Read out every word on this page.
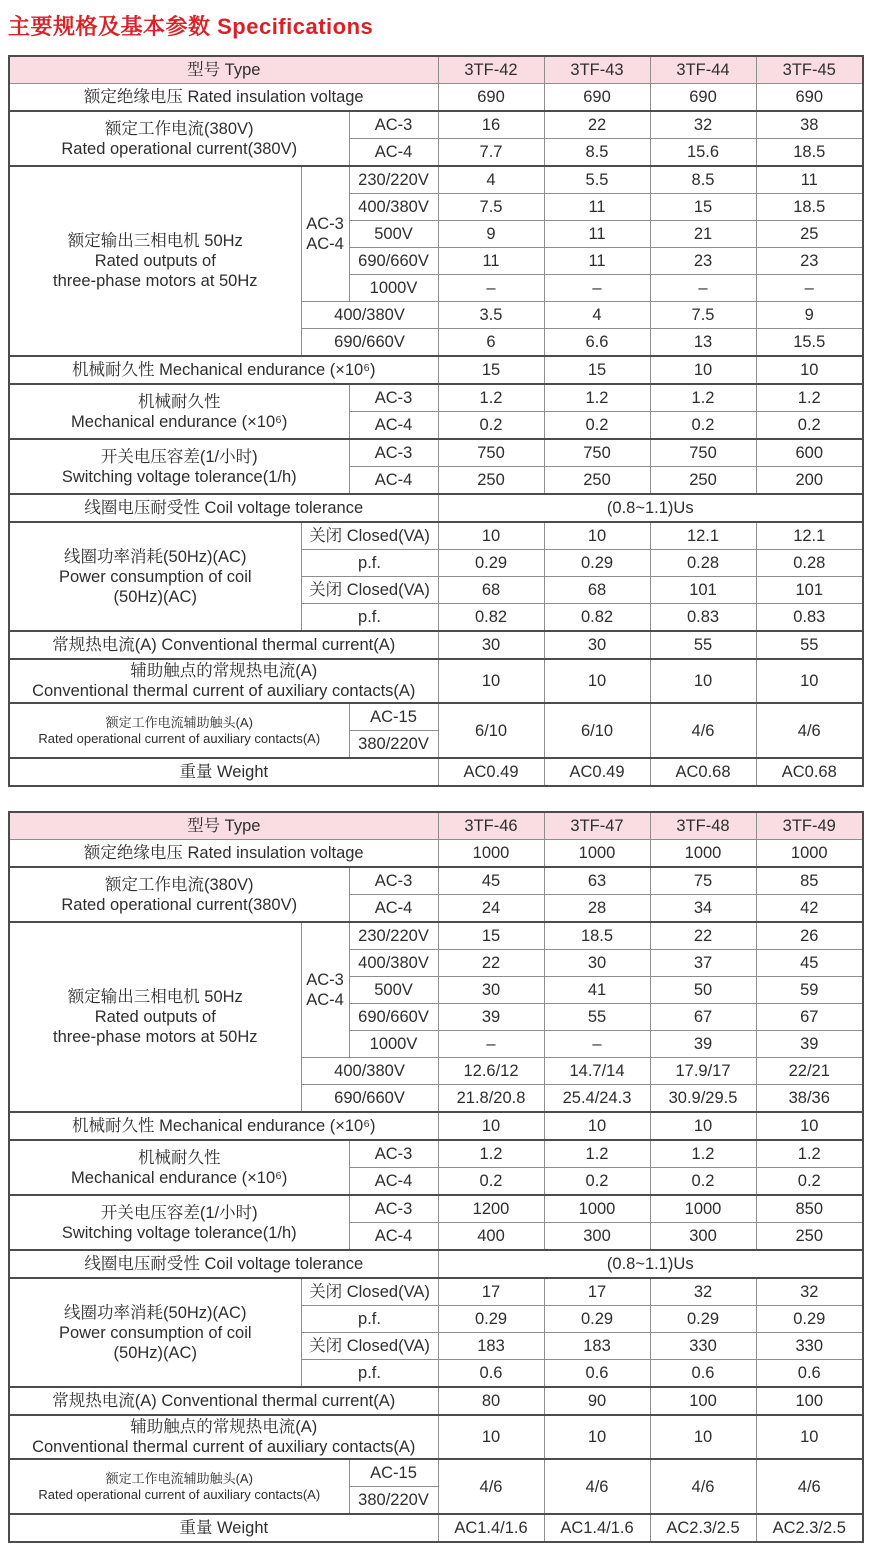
主要规格及基本参数 Specifications
型号 Type			3TF-42	3TF-43	3TF-44	3TF-45
额定绝缘电压 Rated insulation voltage			690	690	690	690
额定工作电流(380V)
Rated operational current(380V)		AC-3	16	22	32	38
		AC-4	7.7	8.5	15.6	18.5
额定输出三相电机 50Hz
Rated outputs of
three-phase motors at 50Hz	AC-3
AC-4	230/220V	4	5.5	8.5	11
		400/380V	7.5	11	15	18.5
		500V	9	11	21	25
		690/660V	11	11	23	23
		1000V	–	–	–	–
	400/380V		3.5	4	7.5	9
	690/660V		6	6.6	13	15.5
机械耐久性 Mechanical endurance (×10⁶)			15	15	10	10
机械耐久性
Mechanical endurance (×10⁶)		AC-3	1.2	1.2	1.2	1.2
		AC-4	0.2	0.2	0.2	0.2
开关电压容差(1/小时)
Switching voltage tolerance(1/h)		AC-3	750	750	750	600
		AC-4	250	250	250	200
线圈电压耐受性 Coil voltage tolerance			(0.8~1.1)Us			
线圈功率消耗(50Hz)(AC)
Power consumption of coil
(50Hz)(AC)	关闭 Closed(VA)		10	10	12.1	12.1
	p.f.		0.29	0.29	0.28	0.28
	关闭 Closed(VA)		68	68	101	101
	p.f.		0.82	0.82	0.83	0.83
常规热电流(A) Conventional thermal current(A)			30	30	55	55
辅助触点的常规热电流(A)
Conventional thermal current of auxiliary contacts(A)			10	10	10	10
额定工作电流辅助触头(A)
Rated operational current of auxiliary contacts(A)		AC-15	6/10	6/10	4/6	4/6
		380/220V				
重量 Weight			AC0.49	AC0.49	AC0.68	AC0.68
型号 Type			3TF-46	3TF-47	3TF-48	3TF-49
额定绝缘电压 Rated insulation voltage			1000	1000	1000	1000
额定工作电流(380V)
Rated operational current(380V)		AC-3	45	63	75	85
		AC-4	24	28	34	42
额定输出三相电机 50Hz
Rated outputs of
three-phase motors at 50Hz	AC-3
AC-4	230/220V	15	18.5	22	26
		400/380V	22	30	37	45
		500V	30	41	50	59
		690/660V	39	55	67	67
		1000V	–	–	39	39
	400/380V		12.6/12	14.7/14	17.9/17	22/21
	690/660V		21.8/20.8	25.4/24.3	30.9/29.5	38/36
机械耐久性 Mechanical endurance (×10⁶)			10	10	10	10
机械耐久性
Mechanical endurance (×10⁶)		AC-3	1.2	1.2	1.2	1.2
		AC-4	0.2	0.2	0.2	0.2
开关电压容差(1/小时)
Switching voltage tolerance(1/h)		AC-3	1200	1000	1000	850
		AC-4	400	300	300	250
线圈电压耐受性 Coil voltage tolerance			(0.8~1.1)Us			
线圈功率消耗(50Hz)(AC)
Power consumption of coil
(50Hz)(AC)	关闭 Closed(VA)		17	17	32	32
	p.f.		0.29	0.29	0.29	0.29
	关闭 Closed(VA)		183	183	330	330
	p.f.		0.6	0.6	0.6	0.6
常规热电流(A) Conventional thermal current(A)			80	90	100	100
辅助触点的常规热电流(A)
Conventional thermal current of auxiliary contacts(A)			10	10	10	10
额定工作电流辅助触头(A)
Rated operational current of auxiliary contacts(A)		AC-15	4/6	4/6	4/6	4/6
		380/220V				
重量 Weight			AC1.4/1.6	AC1.4/1.6	AC2.3/2.5	AC2.3/2.5
